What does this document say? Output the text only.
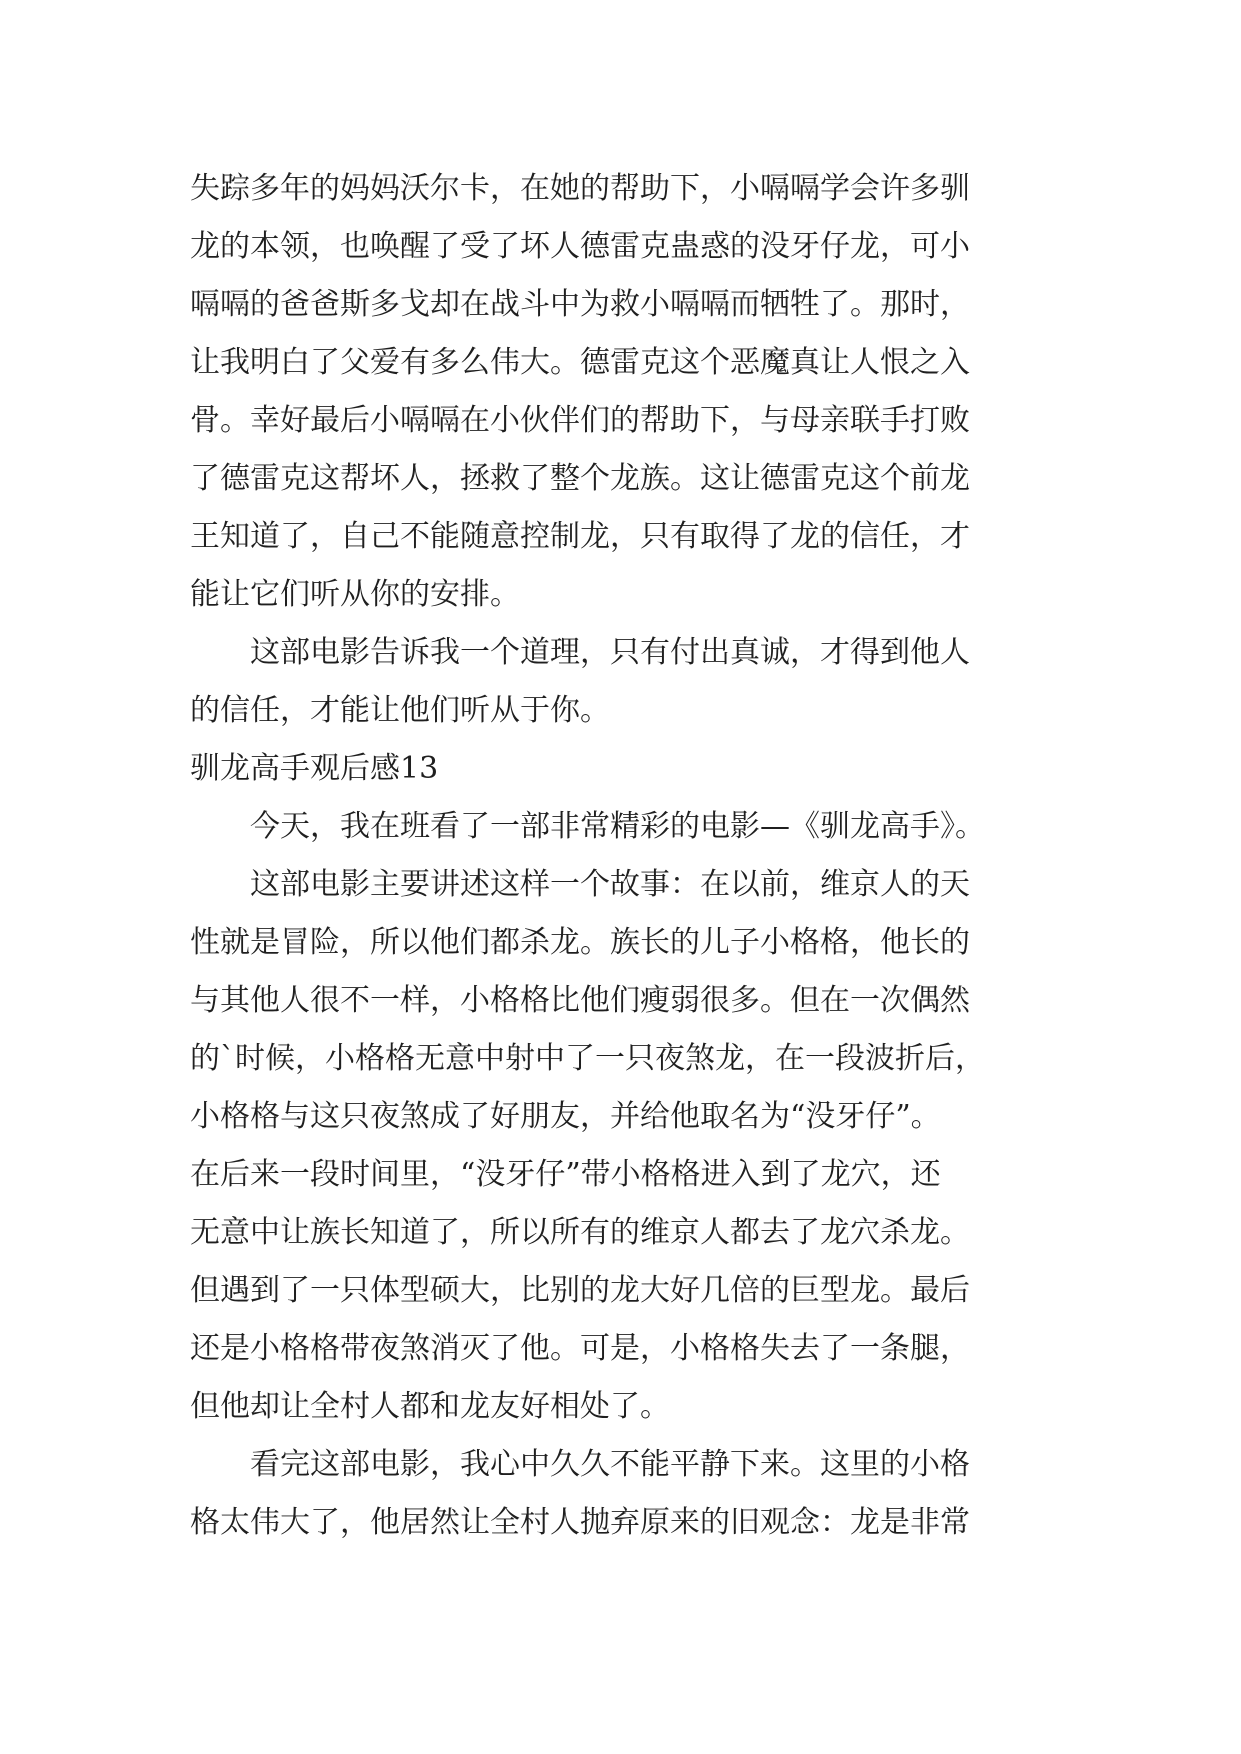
失踪多年的妈妈沃尔卡，在她的帮助下，小嗝嗝学会许多驯
龙的本领，也唤醒了受了坏人德雷克蛊惑的没牙仔龙，可小
嗝嗝的爸爸斯多戈却在战斗中为救小嗝嗝而牺牲了。那时，
让我明白了父爱有多么伟大。德雷克这个恶魔真让人恨之入
骨。幸好最后小嗝嗝在小伙伴们的帮助下，与母亲联手打败
了德雷克这帮坏人，拯救了整个龙族。这让德雷克这个前龙
王知道了，自己不能随意控制龙，只有取得了龙的信任，才
能让它们听从你的安排。
这部电影告诉我一个道理，只有付出真诚，才得到他人
的信任，才能让他们听从于你。
驯龙高手观后感13
今天，我在班看了一部非常精彩的电影—《驯龙高手》。
这部电影主要讲述这样一个故事：在以前，维京人的天
性就是冒险，所以他们都杀龙。族长的儿子小格格，他长的
与其他人很不一样，小格格比他们瘦弱很多。但在一次偶然
的`时候，小格格无意中射中了一只夜煞龙，在一段波折后，
小格格与这只夜煞成了好朋友，并给他取名为“没牙仔”。
在后来一段时间里，“没牙仔”带小格格进入到了龙穴，还
无意中让族长知道了，所以所有的维京人都去了龙穴杀龙。
但遇到了一只体型硕大，比别的龙大好几倍的巨型龙。最后
还是小格格带夜煞消灭了他。可是，小格格失去了一条腿，
但他却让全村人都和龙友好相处了。
看完这部电影，我心中久久不能平静下来。这里的小格
格太伟大了，他居然让全村人抛弃原来的旧观念：龙是非常
